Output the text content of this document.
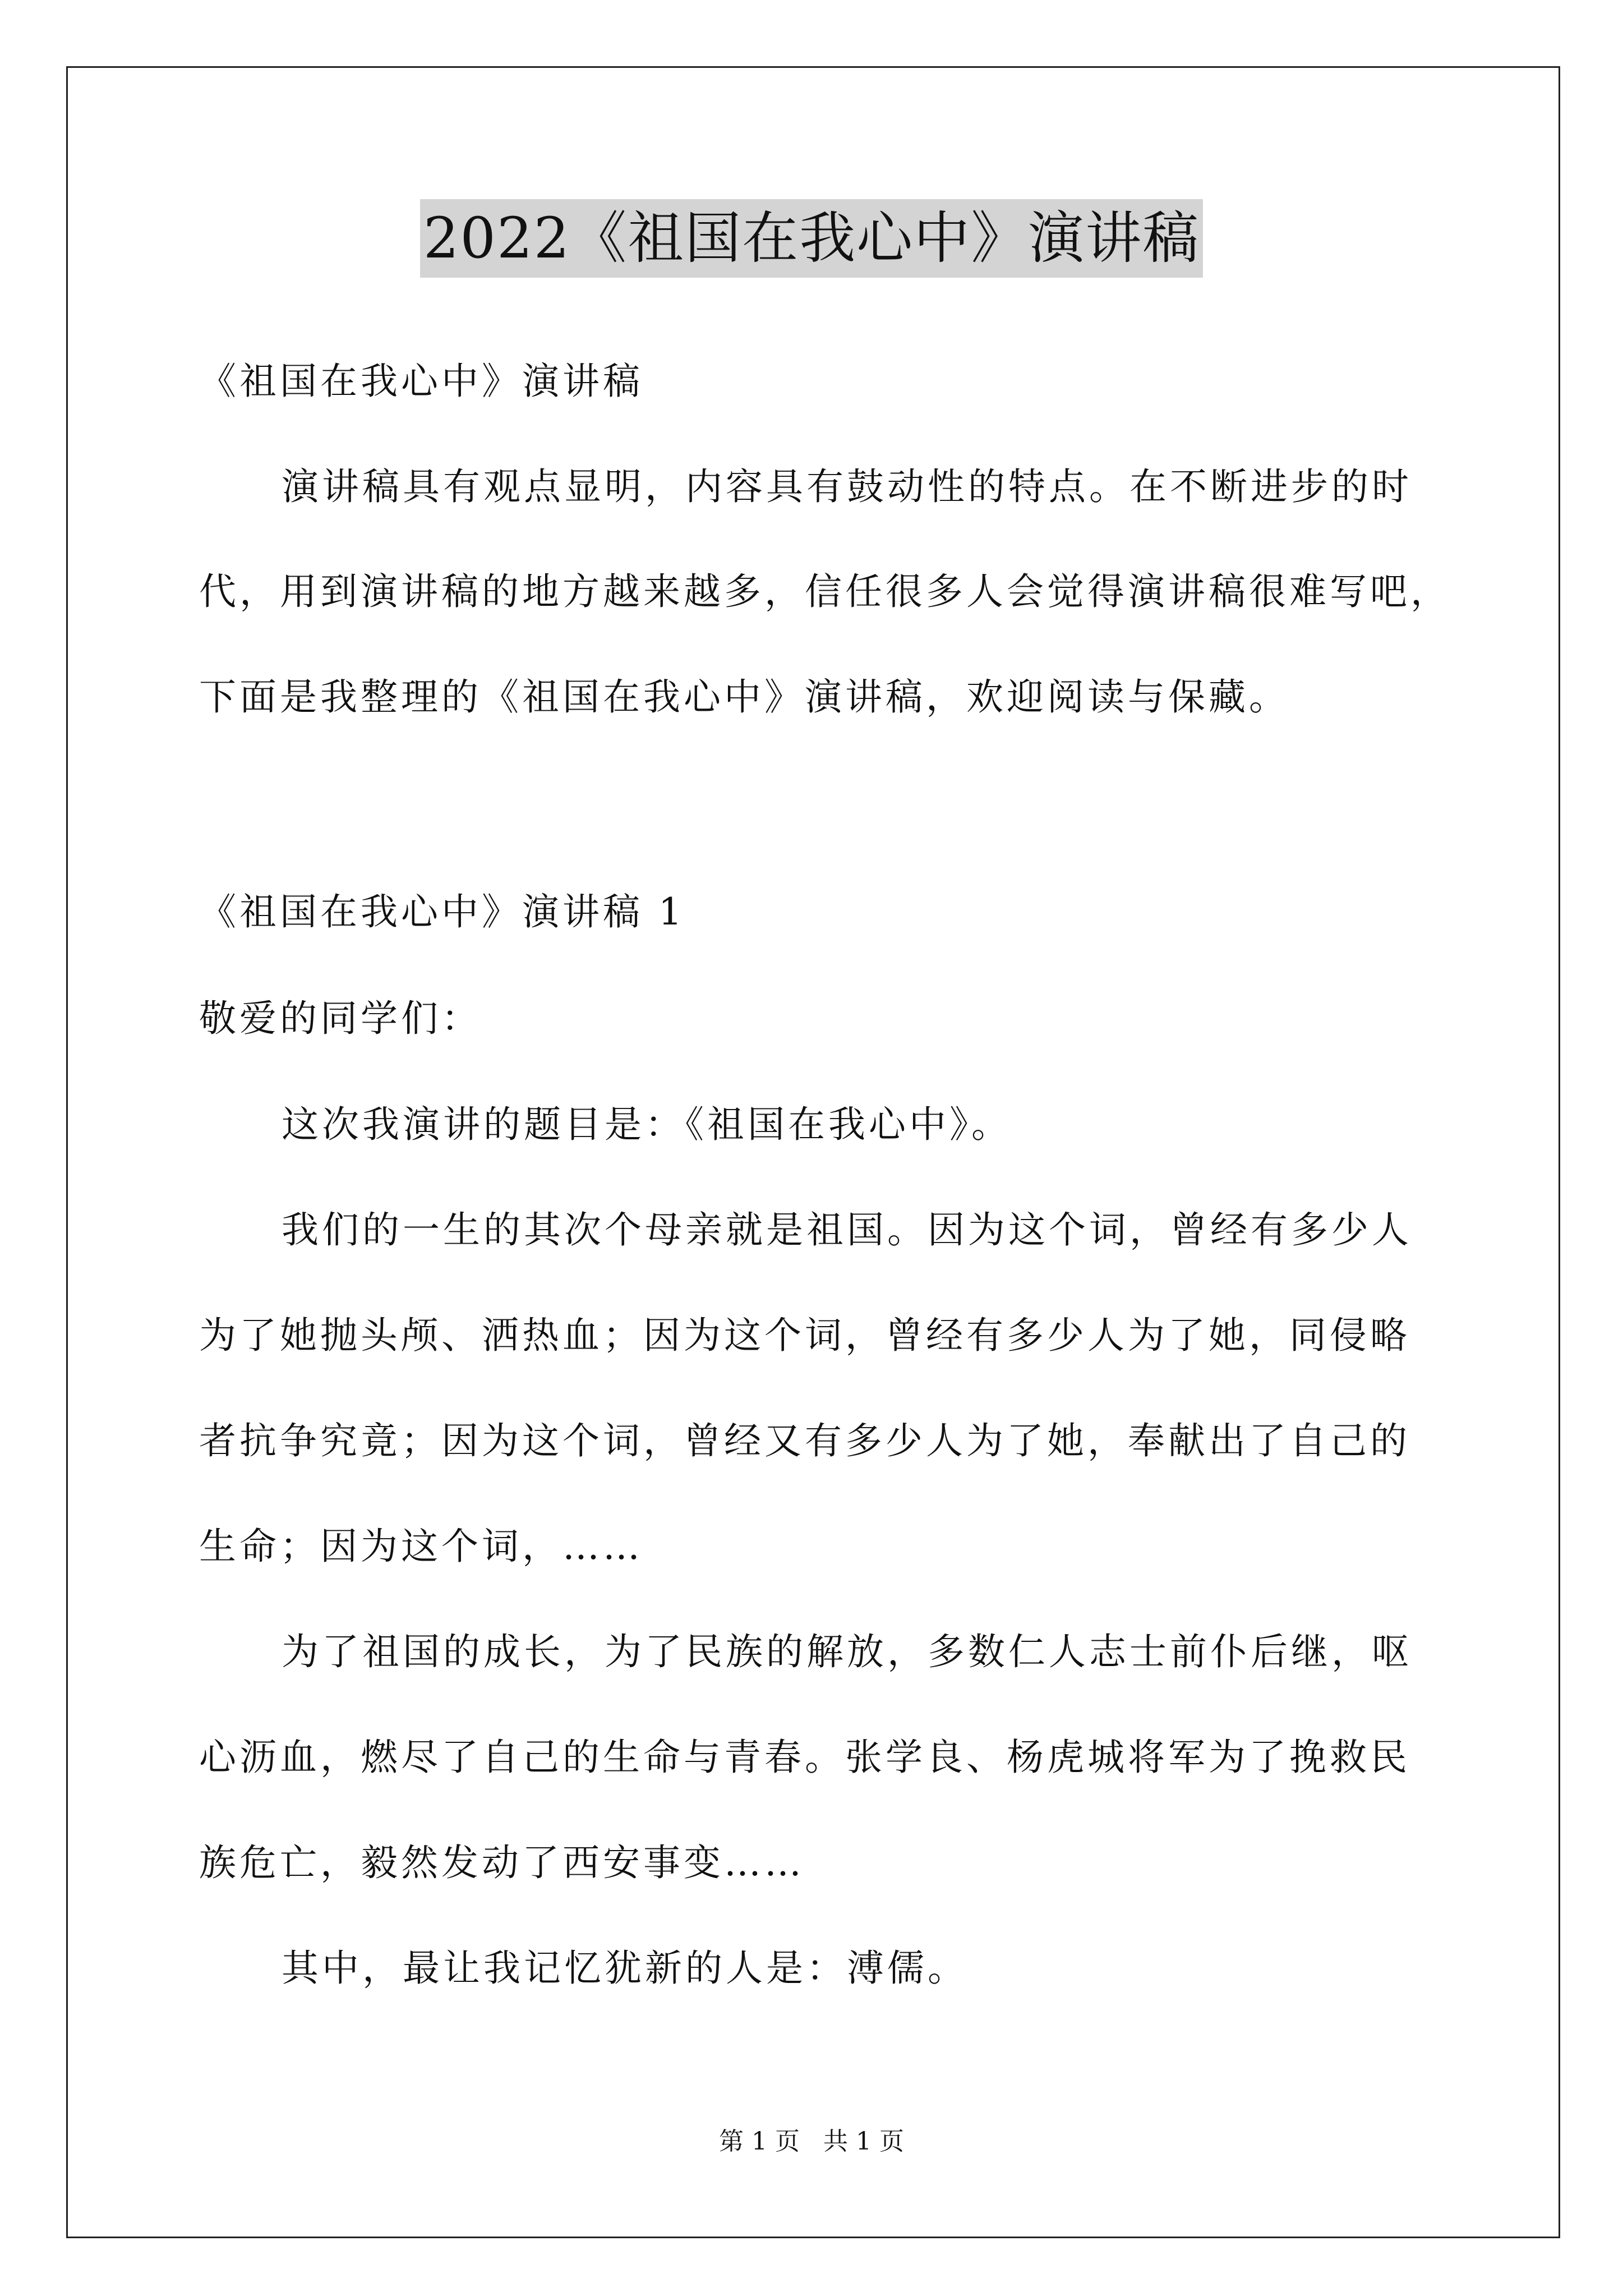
2022《祖国在我心中》演讲稿
《祖国在我心中》演讲稿
演讲稿具有观点显明，内容具有鼓动性的特点。在不断进步的时
代，用到演讲稿的地方越来越多，信任很多人会觉得演讲稿很难写吧，
下面是我整理的《祖国在我心中》演讲稿，欢迎阅读与保藏。
《祖国在我心中》演讲稿 1
敬爱的同学们：
这次我演讲的题目是：《祖国在我心中》。
我们的一生的其次个母亲就是祖国。因为这个词，曾经有多少人
为了她抛头颅、洒热血；因为这个词，曾经有多少人为了她，同侵略
者抗争究竟；因为这个词，曾经又有多少人为了她，奉献出了自己的
生命；因为这个词，……
为了祖国的成长，为了民族的解放，多数仁人志士前仆后继，呕
心沥血，燃尽了自己的生命与青春。张学良、杨虎城将军为了挽救民
族危亡，毅然发动了西安事变……
其中，最让我记忆犹新的人是：溥儒。
第 1 页   共 1 页
